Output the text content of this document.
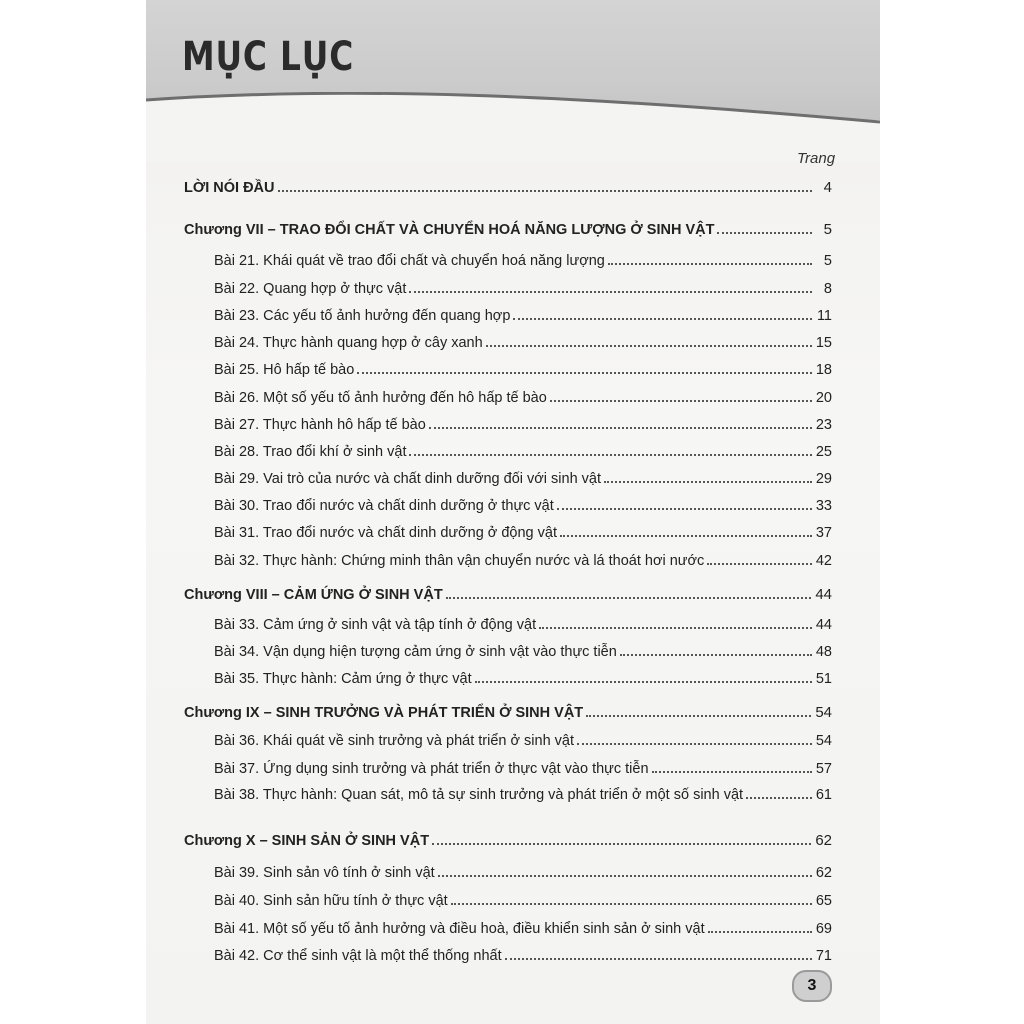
MỤC LỤC
Trang
LỜI NÓI ĐẦU	4
Chương VII – TRAO ĐỔI CHẤT VÀ CHUYỂN HOÁ NĂNG LƯỢNG Ở SINH VẬT	5
Bài 21. Khái quát về trao đổi chất và chuyển hoá năng lượng	5
Bài 22. Quang hợp ở thực vật	8
Bài 23. Các yếu tố ảnh hưởng đến quang hợp	11
Bài 24. Thực hành quang hợp ở cây xanh	15
Bài 25. Hô hấp tế bào	18
Bài 26. Một số yếu tố ảnh hưởng đến hô hấp tế bào	20
Bài 27. Thực hành hô hấp tế bào	23
Bài 28. Trao đổi khí ở sinh vật	25
Bài 29. Vai trò của nước và chất dinh dưỡng đối với sinh vật	29
Bài 30. Trao đổi nước và chất dinh dưỡng ở thực vật	33
Bài 31. Trao đổi nước và chất dinh dưỡng ở động vật	37
Bài 32. Thực hành: Chứng minh thân vận chuyển nước và lá thoát hơi nước	42
Chương VIII – CẢM ỨNG Ở SINH VẬT	44
Bài 33. Cảm ứng ở sinh vật và tập tính ở động vật	44
Bài 34. Vận dụng hiện tượng cảm ứng ở sinh vật vào thực tiễn	48
Bài 35. Thực hành: Cảm ứng ở thực vật	51
Chương IX – SINH TRƯỞNG VÀ PHÁT TRIỂN Ở SINH VẬT	54
Bài 36. Khái quát về sinh trưởng và phát triển ở sinh vật	54
Bài 37. Ứng dụng sinh trưởng và phát triển ở thực vật vào thực tiễn	57
Bài 38. Thực hành: Quan sát, mô tả sự sinh trưởng và phát triển ở một số sinh vật	61
Chương X – SINH SẢN Ở SINH VẬT	62
Bài 39. Sinh sản vô tính ở sinh vật	62
Bài 40. Sinh sản hữu tính ở thực vật	65
Bài 41. Một số yếu tố ảnh hưởng và điều hoà, điều khiển sinh sản ở sinh vật	69
Bài 42. Cơ thể sinh vật là một thể thống nhất	71
3
